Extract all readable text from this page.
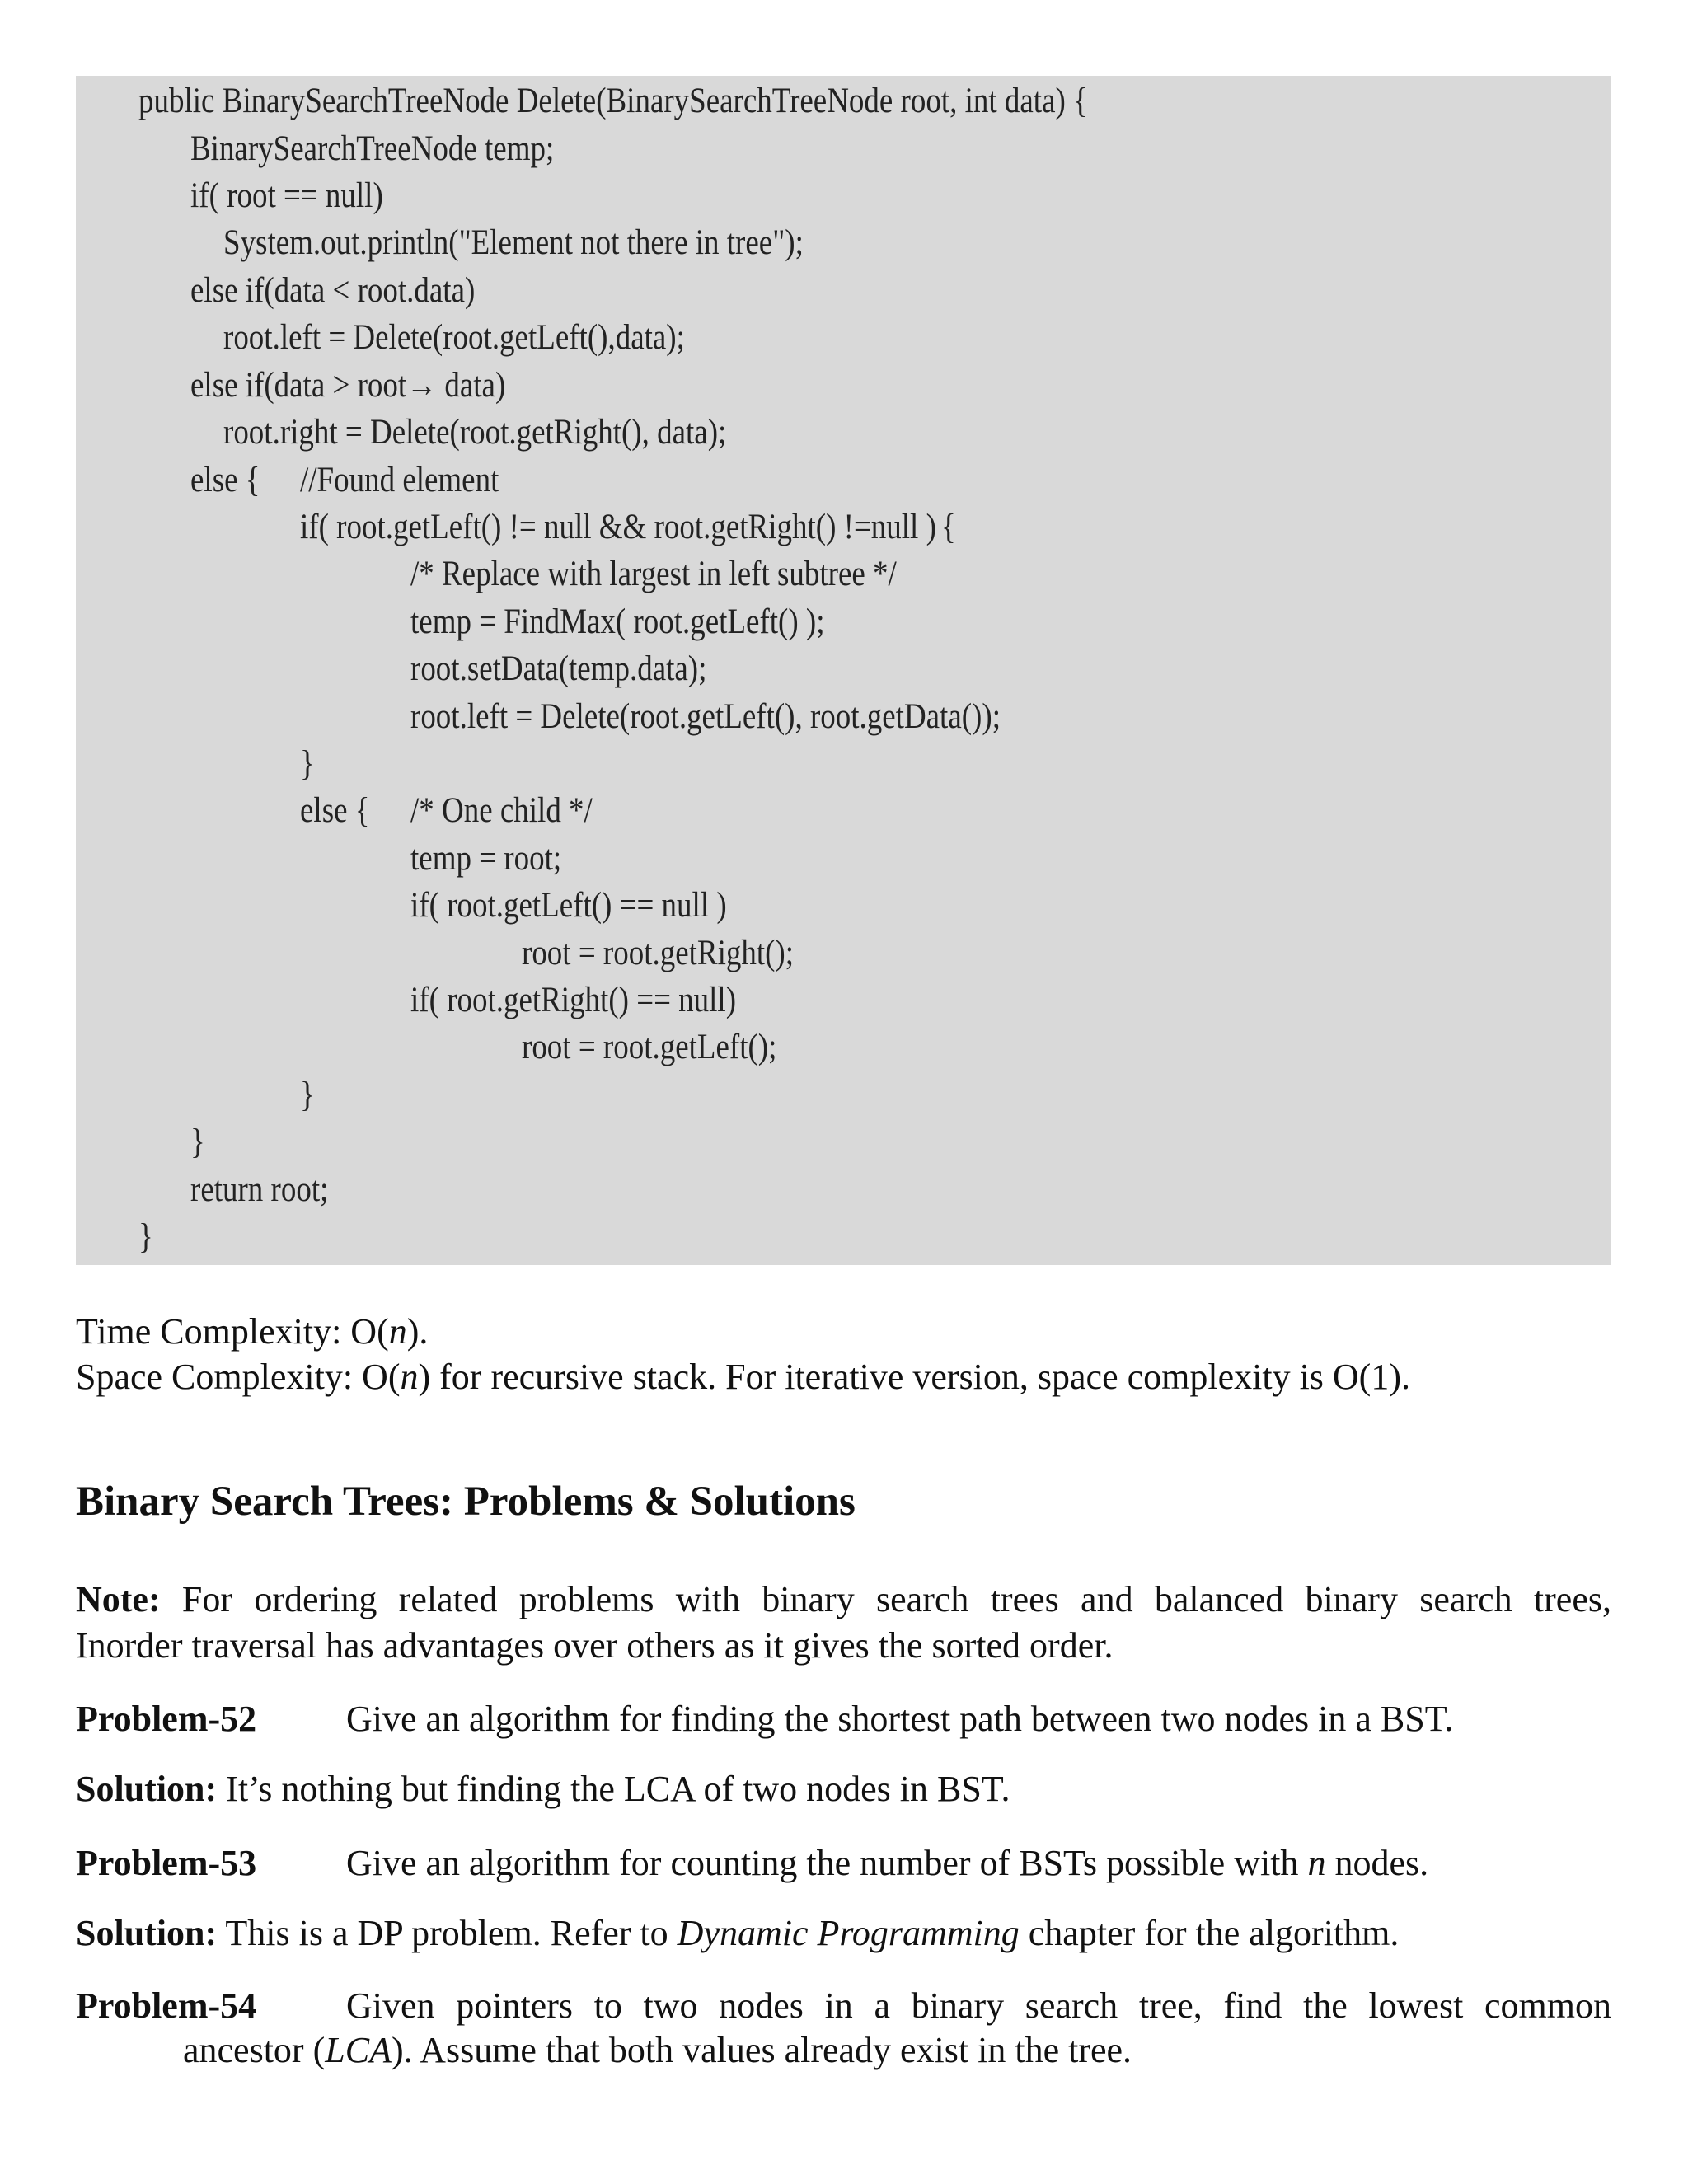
public BinarySearchTreeNode Delete(BinarySearchTreeNode root, int data) {
BinarySearchTreeNode temp;
if( root == null)
System.out.println("Element not there in tree");
else if(data < root.data)
root.left = Delete(root.getLeft(),data);
else if(data > root→ data)
root.right = Delete(root.getRight(), data);
else { //Found element
if( root.getLeft() != null && root.getRight() !=null ) {
/* Replace with largest in left subtree */
temp = FindMax( root.getLeft() );
root.setData(temp.data);
root.left = Delete(root.getLeft(), root.getData());
}
else { /* One child */
temp = root;
if( root.getLeft() == null )
root = root.getRight();
if( root.getRight() == null)
root = root.getLeft();
}
}
return root;
}
Time Complexity: O(n).
Space Complexity: O(n) for recursive stack. For iterative version, space complexity is O(1).
Binary Search Trees: Problems & Solutions
Note: For ordering related problems with binary search trees and balanced binary search trees,
Inorder traversal has advantages over others as it gives the sorted order.
Problem-52 Give an algorithm for finding the shortest path between two nodes in a BST.
Solution: It’s nothing but finding the LCA of two nodes in BST.
Problem-53 Give an algorithm for counting the number of BSTs possible with n nodes.
Solution: This is a DP problem. Refer to Dynamic Programming chapter for the algorithm.
Problem-54 Given pointers to two nodes in a binary search tree, find the lowest common
ancestor (LCA). Assume that both values already exist in the tree.
